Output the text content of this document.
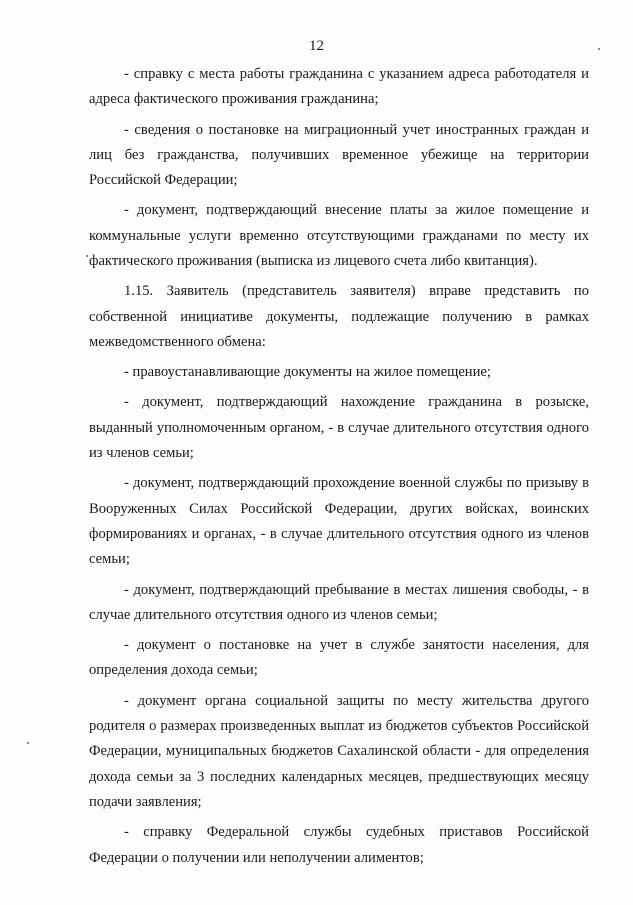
12

- справку с места работы гражданина с указанием адреса работодателя и адреса фактического проживания гражданина;

- сведения о постановке на миграционный учет иностранных граждан и лиц без гражданства, получивших временное убежище на территории Российской Федерации;

- документ, подтверждающий внесение платы за жилое помещение и коммунальные услуги временно отсутствующими гражданами по месту их фактического проживания (выписка из лицевого счета либо квитанция).

1.15. Заявитель (представитель заявителя) вправе представить по собственной инициативе документы, подлежащие получению в рамках межведомственного обмена:

- правоустанавливающие документы на жилое помещение;

- документ, подтверждающий нахождение гражданина в розыске, выданный уполномоченным органом, - в случае длительного отсутствия одного из членов семьи;

- документ, подтверждающий прохождение военной службы по призыву в Вооруженных Силах Российской Федерации, других войсках, воинских формированиях и органах, - в случае длительного отсутствия одного из членов семьи;

- документ, подтверждающий пребывание в местах лишения свободы, - в случае длительного отсутствия одного из членов семьи;

- документ о постановке на учет в службе занятости населения, для определения дохода семьи;

- документ органа социальной защиты по месту жительства другого родителя о размерах произведенных выплат из бюджетов субъектов Российской Федерации, муниципальных бюджетов Сахалинской области - для определения дохода семьи за 3 последних календарных месяцев, предшествующих месяцу подачи заявления;

- справку Федеральной службы судебных приставов Российской Федерации о получении или неполучении алиментов;
